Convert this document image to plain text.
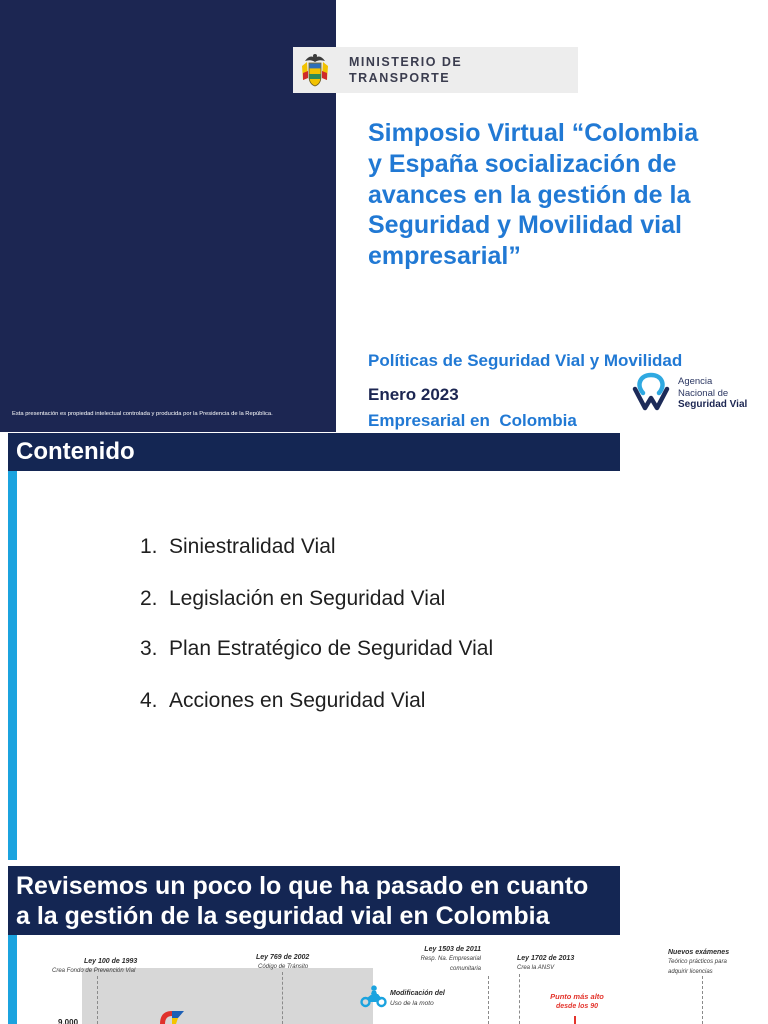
Esta presentación es propiedad intelectual controlada y producida por la Presidencia de la República.
MINISTERIO DE
TRANSPORTE
Simposio Virtual “Colombia
y España socialización de
avances en la gestión de la
Seguridad y Movilidad vial
empresarial”

Políticas de Seguridad Vial y Movilidad

Empresarial en  Colombia

Enero 2023
Agencia
Nacional de
Seguridad Vial
Contenido
1. Siniestralidad Vial
2. Legislación en Seguridad Vial
3. Plan Estratégico de Seguridad Vial
4. Acciones en Seguridad Vial
Revisemos un poco lo que ha pasado en cuanto
a la gestión de la seguridad vial en Colombia
Ley 100 de 1993
Crea Fondo de Prevención Vial
Ley 769 de 2002
Código de Tránsito
Ley 1503 de 2011
Resp. Na. Empresarial
comunitaria
Ley 1702 de 2013
Crea la ANSV
Nuevos exámenes
Teórico prácticos para
adquirir licencias
Modificación del
Uso de la moto
Punto más alto
desde los 90
9.000
